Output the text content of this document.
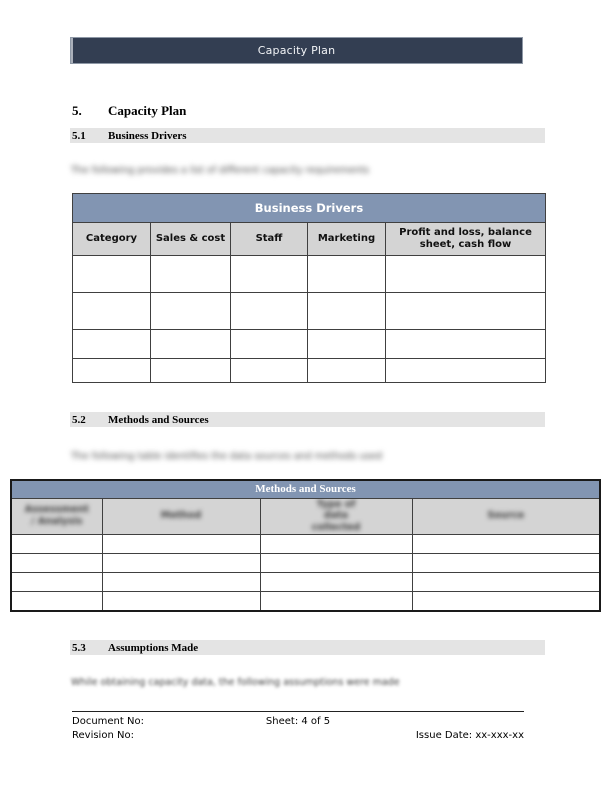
Capacity Plan
5.	Capacity Plan
5.1	Business Drivers
The following provides a list of different capacity requirements
Business Drivers				
Category	Sales & cost	Staff	Marketing	Profit and loss, balance sheet, cash flow

5.2	Methods and Sources
The following table identifies the data sources and methods used
Methods and Sources			
Assessment / Analysis	Method	Type of data collected	Source

5.3	Assumptions Made
While obtaining capacity data, the following assumptions were made
Document No:	Sheet: 4 of 5
Revision No:	Issue Date: xx-xxx-xx
